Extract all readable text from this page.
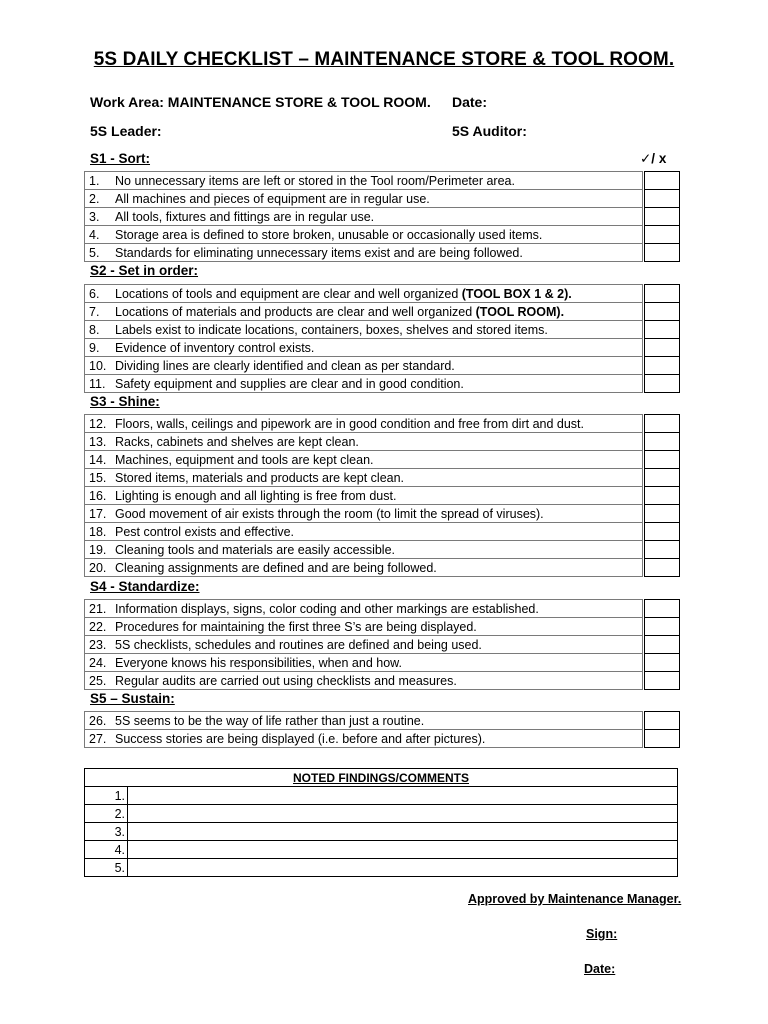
5S DAILY CHECKLIST – MAINTENANCE STORE & TOOL ROOM.
Work Area: MAINTENANCE STORE & TOOL ROOM. Date:
5S Leader:	5S Auditor:
✓/ x
S1 - Sort:
1. No unnecessary items are left or stored in the Tool room/Perimeter area.		
2. All machines and pieces of equipment are in regular use.		
3. All tools, fixtures and fittings are in regular use.		
4. Storage area is defined to store broken, unusable or occasionally used items.		
5. Standards for eliminating unnecessary items exist and are being followed.		
S2 - Set in order:
6. Locations of tools and equipment are clear and well organized (TOOL BOX 1 & 2).		
7. Locations of materials and products are clear and well organized (TOOL ROOM).		
8. Labels exist to indicate locations, containers, boxes, shelves and stored items.		
9. Evidence of inventory control exists.		
10. Dividing lines are clearly identified and clean as per standard.		
11. Safety equipment and supplies are clear and in good condition.		
S3 - Shine:
12. Floors, walls, ceilings and pipework are in good condition and free from dirt and dust.		
13. Racks, cabinets and shelves are kept clean.		
14. Machines, equipment and tools are kept clean.		
15. Stored items, materials and products are kept clean.		
16. Lighting is enough and all lighting is free from dust.		
17. Good movement of air exists through the room (to limit the spread of viruses).		
18. Pest control exists and effective.		
19. Cleaning tools and materials are easily accessible.		
20. Cleaning assignments are defined and are being followed.		
S4 - Standardize:
21. Information displays, signs, color coding and other markings are established.		
22. Procedures for maintaining the first three S’s are being displayed.		
23. 5S checklists, schedules and routines are defined and being used.		
24. Everyone knows his responsibilities, when and how.		
25. Regular audits are carried out using checklists and measures.		
S5 – Sustain:
26. 5S seems to be the way of life rather than just a routine.		
27. Success stories are being displayed (i.e. before and after pictures).		
NOTED FINDINGS/COMMENTS	
1.	
2.	
3.	
4.	
5.	
Approved by Maintenance Manager.
Sign:
Date:
